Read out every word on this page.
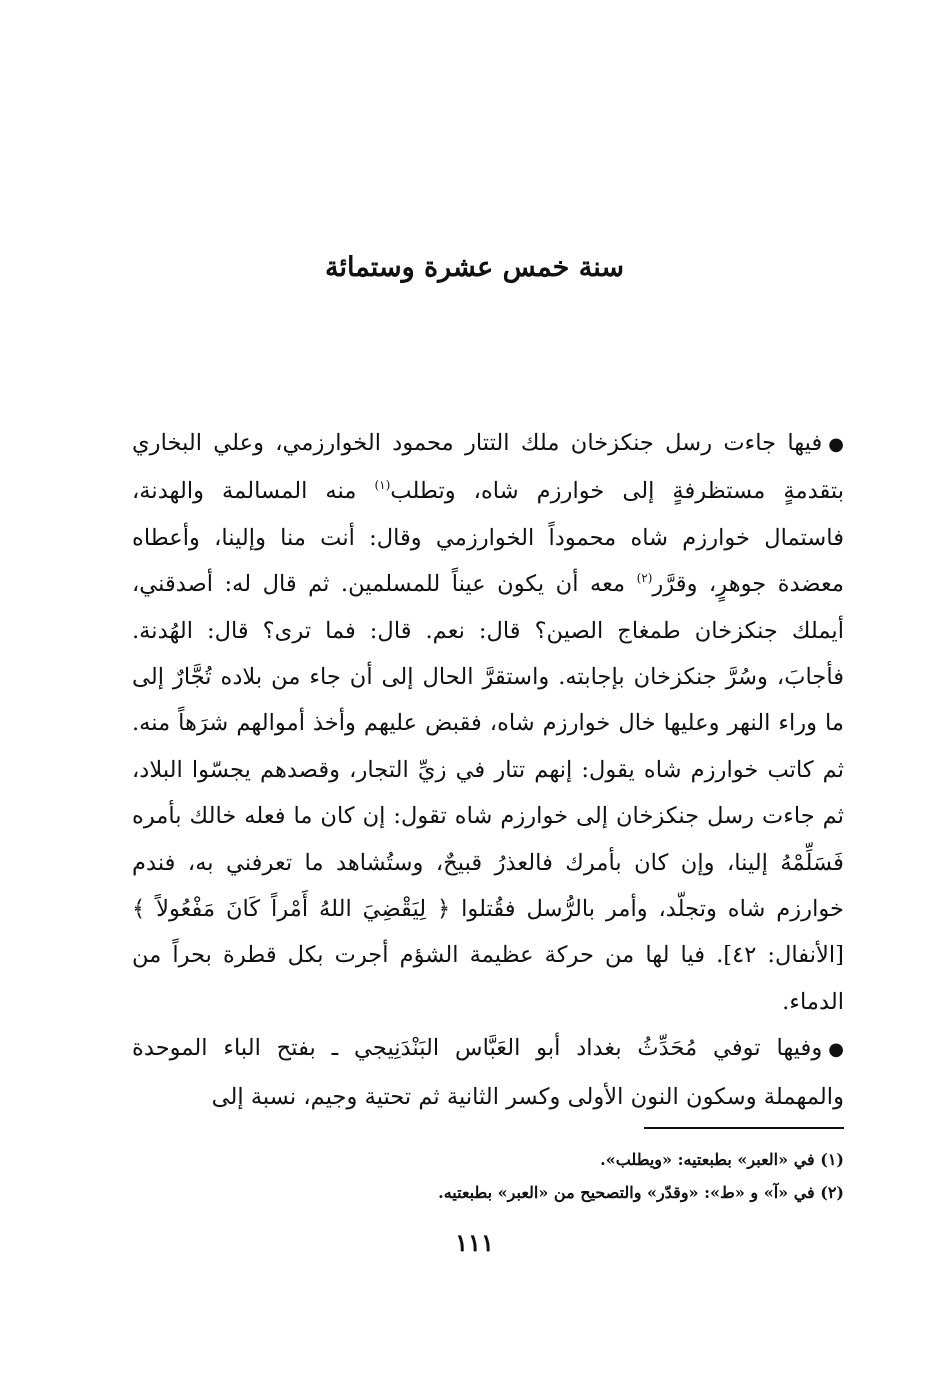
سنة خمس عشرة وستمائة

●فيها جاءت رسل جنكزخان ملك التتار محمود الخوارزمي، وعلي البخاري بتقدمةٍ مستظرفةٍ إلى خوارزم شاه، وتطلب$^{(١)}$ منه المسالمة والهدنة، فاستمال خوارزم شاه محموداً الخوارزمي وقال: أنت منا وإلينا، وأعطاه معضدة جوهرٍ، وقرَّر$^{(٢)}$ معه أن يكون عيناً للمسلمين. ثم قال له: أصدقني، أيملك جنكزخان طمغاج الصين؟ قال: نعم. قال: فما ترى؟ قال: الهُدنة. فأجابَ، وسُرَّ جنكزخان بإجابته. واستقرَّ الحال إلى أن جاء من بلاده تُجَّارٌ إلى ما وراء النهر وعليها خال خوارزم شاه، فقبض عليهم وأخذ أموالهم شرَهاً منه. ثم كاتب خوارزم شاه يقول: إنهم تتار في زيِّ التجار، وقصدهم يجسّوا البلاد، ثم جاءت رسل جنكزخان إلى خوارزم شاه تقول: إن كان ما فعله خالك بأمره فَسَلِّمْهُ إلينا، وإن كان بأمرك فالعذرُ قبيحٌ، وستُشاهد ما تعرفني به، فندم خوارزم شاه وتجلّد، وأمر بالرُّسل فقُتلوا ﴿ لِيَقْضِيَ اللهُ أَمْراً كَانَ مَفْعُولاً ﴾ [الأنفال: ٤٢]. فيا لها من حركة عظيمة الشؤم أجرت بكل قطرة بحراً من الدماء.

●وفيها توفي مُحَدِّثُ بغداد أبو العَبَّاس البَنْدَنِيجي ـ بفتح الباء الموحدة والمهملة وسكون النون الأولى وكسر الثانية ثم تحتية وجيم، نسبة إلى

(١) في «العبر» بطبعتيه: «ويطلب».
(٢) في «آ» و «ط»: «وقدّر» والتصحيح من «العبر» بطبعتيه.
١١١
